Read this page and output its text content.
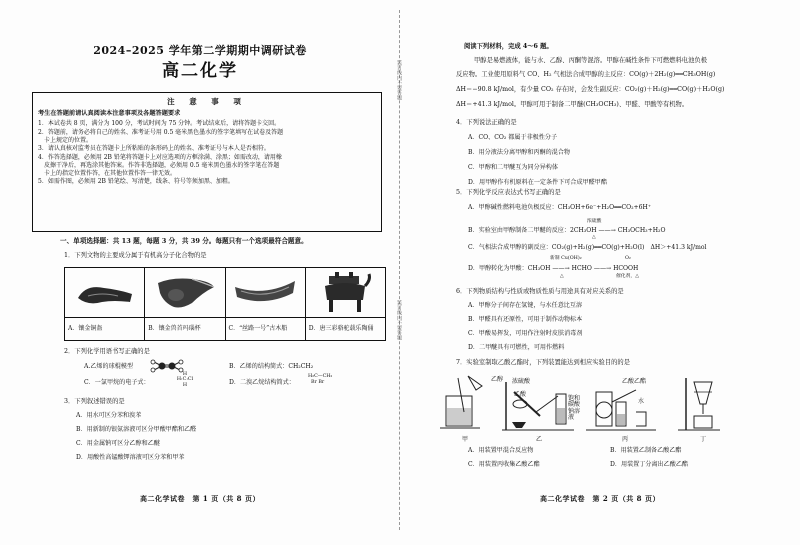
2024–2025 学年第二学期期中调研试卷
高二化学
注 意 事 项
考生在答题前请认真阅读本注意事项及各题答题要求
1．本试卷共 8 页，满分为 100 分，考试时间为 75 分钟。考试结束后，请将答题卡交回。
2．答题前，请务必将自己的姓名、准考证号用 0.5 毫米黑色墨水的签字笔填写在试卷及答题
卡上规定的位置。
3．请认真核对监考员在答题卡上所粘贴的条形码上的姓名、准考证号与本人是否相符。
4．作答选择题，必须用 2B 铅笔将答题卡上对应选项的方框涂满、涂黑；如需改动，请用橡
皮擦干净后，再选涂其他答案。作答非选择题，必须用 0.5 毫米黑色墨水的签字笔在答题
卡上的指定位置作答，在其他位置作答一律无效。
5．如需作图，必须用 2B 铅笔绘、写清楚，线条、符号等须加黑、加粗。
一、单项选择题：共 13 题，每题 3 分，共 39 分。每题只有一个选项最符合题意。
1．下列文物的主要成分属于有机高分子化合物的是
A．镶金铜盔	B．镶金兽首玛瑙杯	C．“丝路一号”古木船	D．唐三彩骆驼载乐陶俑
2．下列化学用语书写正确的是
A.乙烯的球棍模型	B．乙烯的结构简式：CH₂CH₂
C．一氯甲烷的电子式：
H
H:C:Cl
H	D．二溴乙烷结构简式：
H₂C—CH₂
Br Br
3．下列叙述错误的是
A．用水可区分苯和溴苯
B．用新制的银氨溶液可区分甲酸甲酯和乙醛
C．用金属钠可区分乙醇和乙醚
D．用酸性高锰酸钾溶液可区分苯和甲苯
高二化学试卷　第 1 页（共 8 页）
装订线内不要答题
装订线内不要答题
阅读下列材料，完成 4～6 题。
甲醇是易燃液体，能与水、乙醇、丙酮等混溶。甲醇在碱性条件下可燃燃料电池负极
反应物。工业使用原料气 CO、H₂ 气相法合成甲醇的主反应：CO(g)＋2H₂(g)══CH₃OH(g)
ΔH＝−90.8 kJ/mol，有少量 CO₂ 存在时，会发生副反应：CO₂(g)＋H₂(g)══CO(g)＋H₂O(g)
ΔH＝+41.3 kJ/mol。甲醇可用于制备二甲醚(CH₃OCH₃)、甲醛、甲酸等有机物。
4．下列说法正确的是
A．CO、CO₂ 都属于非极性分子
B．用分液法分离甲醇和丙酮的混合物
C．甲醇和二甲醚互为同分异构体
D．用甲醇作有机原料在一定条件下可合成甲醛甲酯
5．下列化学反应表达式书写正确的是
A．甲醇碱性燃料电池负极反应：CH₃OH+6e⁻+H₂O══CO₂+6H⁺
浓硫酸
B．实验室由甲醇制备二甲醚的反应：2CH₃OH ——→ CH₃OCH₃+H₂O
△
C．气相法合成甲醇的副反应：CO₂(g)+H₂(g)══CO(g)+H₂O(l)　ΔH＞+41.3 kJ/mol
新制 Cu(OH)₂	O₂
D．甲醇转化为甲酸：CH₃OH ——→ HCHO ——→ HCOOH
△	催化剂，△
6．下列物质结构与性质或物质性质与用途具有对应关系的是
A．甲醇分子间存在氢键，与水任意比互溶
B．甲醛具有还原性，可用于制作动物标本
C．甲酸易挥发，可用作注射时皮肤消毒剂
D．二甲醚具有可燃性，可用作燃料
7．实验室制取乙酸乙酯时，下列装置能达到相应实验目的的是
乙醇 浓硫酸
乙酸
饱和碳酸钠溶液
乙酸乙酯
水
甲	乙	丙	丁
A．用装置甲混合反应物	B．用装置乙制备乙酸乙酯
C．用装置丙收集乙酸乙酯	D．用装置丁分离出乙酸乙酯
高二化学试卷　第 2 页（共 8 页）
